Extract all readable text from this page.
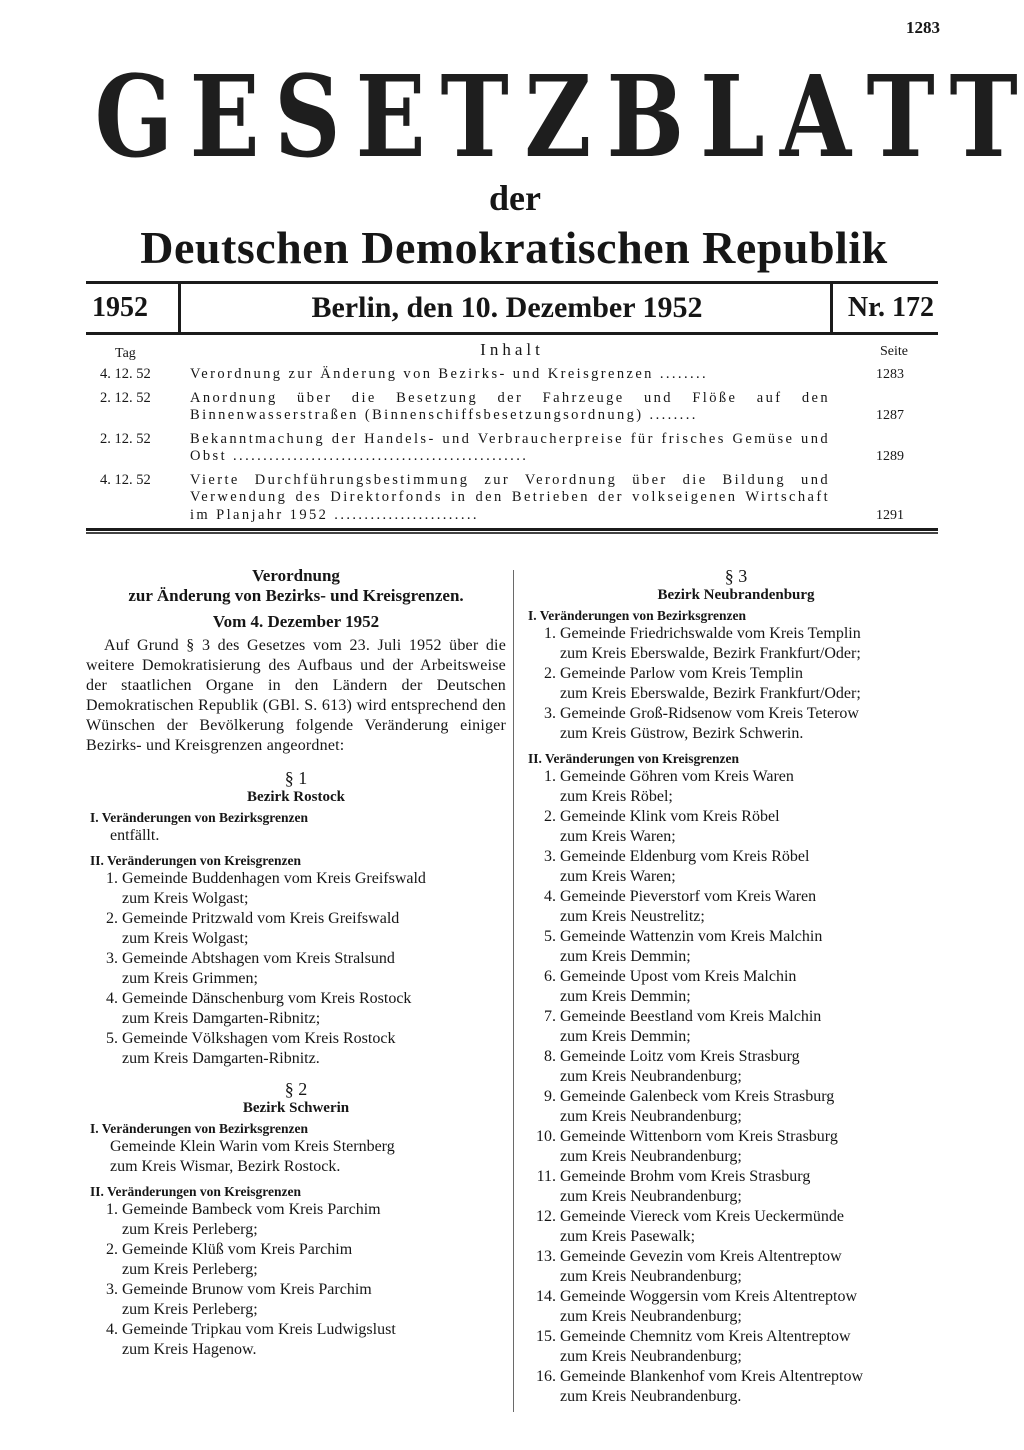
1283
G E S E T Z B L A T T
der
Deutschen Demokratischen Republik
1952	Berlin, den 10. Dezember 1952	Nr. 172
Tag	Inhalt	Seite
4. 12. 52	Verordnung zur Änderung von Bezirks- und Kreisgrenzen ........	1283
2. 12. 52	Anordnung über die Besetzung der Fahrzeuge und Flöße auf den Binnenwasserstraßen (Binnenschiffsbesetzungsordnung) ........	1287
2. 12. 52	Bekanntmachung der Handels- und Verbraucherpreise für frisches Gemüse und Obst .................................................	1289
4. 12. 52	Vierte Durchführungsbestimmung zur Verordnung über die Bildung und Verwendung des Direktorfonds in den Betrieben der volkseigenen Wirtschaft im Planjahr 1952 ........................	1291
Verordnung
zur Änderung von Bezirks- und Kreisgrenzen.
Vom 4. Dezember 1952
Auf Grund § 3 des Gesetzes vom 23. Juli 1952 über die weitere Demokratisierung des Aufbaus und der Arbeitsweise der staatlichen Organe in den Ländern der Deutschen Demokratischen Republik (GBl. S. 613) wird entsprechend den Wünschen der Bevölkerung folgende Veränderung einiger Bezirks- und Kreisgrenzen angeordnet:
§ 1
Bezirk Rostock
I. Veränderungen von Bezirksgrenzen
entfällt.
II. Veränderungen von Kreisgrenzen
1. Gemeinde Buddenhagen vom Kreis Greifswald
zum Kreis Wolgast;
2. Gemeinde Pritzwald vom Kreis Greifswald
zum Kreis Wolgast;
3. Gemeinde Abtshagen vom Kreis Stralsund
zum Kreis Grimmen;
4. Gemeinde Dänschenburg vom Kreis Rostock
zum Kreis Damgarten-Ribnitz;
5. Gemeinde Völkshagen vom Kreis Rostock
zum Kreis Damgarten-Ribnitz.
§ 2
Bezirk Schwerin
I. Veränderungen von Bezirksgrenzen
Gemeinde Klein Warin vom Kreis Sternberg
zum Kreis Wismar, Bezirk Rostock.
II. Veränderungen von Kreisgrenzen
1. Gemeinde Bambeck vom Kreis Parchim
zum Kreis Perleberg;
2. Gemeinde Klüß vom Kreis Parchim
zum Kreis Perleberg;
3. Gemeinde Brunow vom Kreis Parchim
zum Kreis Perleberg;
4. Gemeinde Tripkau vom Kreis Ludwigslust
zum Kreis Hagenow.
§ 3
Bezirk Neubrandenburg
I. Veränderungen von Bezirksgrenzen
1. Gemeinde Friedrichswalde vom Kreis Templin
zum Kreis Eberswalde, Bezirk Frankfurt/Oder;
2. Gemeinde Parlow vom Kreis Templin
zum Kreis Eberswalde, Bezirk Frankfurt/Oder;
3. Gemeinde Groß-Ridsenow vom Kreis Teterow
zum Kreis Güstrow, Bezirk Schwerin.
II. Veränderungen von Kreisgrenzen
1. Gemeinde Göhren vom Kreis Waren
zum Kreis Röbel;
2. Gemeinde Klink vom Kreis Röbel
zum Kreis Waren;
3. Gemeinde Eldenburg vom Kreis Röbel
zum Kreis Waren;
4. Gemeinde Pieverstorf vom Kreis Waren
zum Kreis Neustrelitz;
5. Gemeinde Wattenzin vom Kreis Malchin
zum Kreis Demmin;
6. Gemeinde Upost vom Kreis Malchin
zum Kreis Demmin;
7. Gemeinde Beestland vom Kreis Malchin
zum Kreis Demmin;
8. Gemeinde Loitz vom Kreis Strasburg
zum Kreis Neubrandenburg;
9. Gemeinde Galenbeck vom Kreis Strasburg
zum Kreis Neubrandenburg;
10. Gemeinde Wittenborn vom Kreis Strasburg
zum Kreis Neubrandenburg;
11. Gemeinde Brohm vom Kreis Strasburg
zum Kreis Neubrandenburg;
12. Gemeinde Viereck vom Kreis Ueckermünde
zum Kreis Pasewalk;
13. Gemeinde Gevezin vom Kreis Altentreptow
zum Kreis Neubrandenburg;
14. Gemeinde Woggersin vom Kreis Altentreptow
zum Kreis Neubrandenburg;
15. Gemeinde Chemnitz vom Kreis Altentreptow
zum Kreis Neubrandenburg;
16. Gemeinde Blankenhof vom Kreis Altentreptow
zum Kreis Neubrandenburg.
